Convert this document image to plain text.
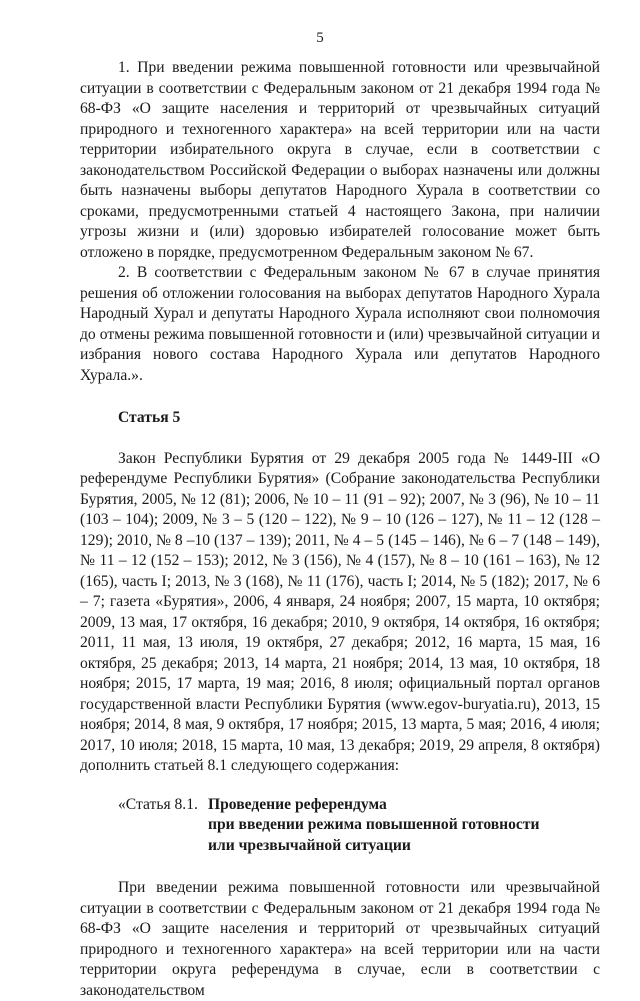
5

1. При введении режима повышенной готовности или чрезвычайной ситуации в соответствии с Федеральным законом от 21 декабря 1994 года № 68-ФЗ «О защите населения и территорий от чрезвычайных ситуаций природного и техногенного характера» на всей территории или на части территории избирательного округа в случае, если в соответствии с законодательством Российской Федерации о выборах назначены или должны быть назначены выборы депутатов Народного Хурала в соответствии со сроками, предусмотренными статьей 4 настоящего Закона, при наличии угрозы жизни и (или) здоровью избирателей голосование может быть отложено в порядке, предусмотренном Федеральным законом № 67.

2. В соответствии с Федеральным законом № 67 в случае принятия решения об отложении голосования на выборах депутатов Народного Хурала Народный Хурал и депутаты Народного Хурала исполняют свои полномочия до отмены режима повышенной готовности и (или) чрезвычайной ситуации и избрания нового состава Народного Хурала или депутатов Народного Хурала.».

Статья 5

Закон Республики Бурятия от 29 декабря 2005 года № 1449-III «О референдуме Республики Бурятия» (Собрание законодательства Республики Бурятия, 2005, № 12 (81); 2006, № 10 – 11 (91 – 92); 2007, № 3 (96), № 10 – 11 (103 – 104); 2009, № 3 – 5 (120 – 122), № 9 – 10 (126 – 127), № 11 – 12 (128 – 129); 2010, № 8 –10 (137 – 139); 2011, № 4 – 5 (145 – 146), № 6 – 7 (148 – 149), № 11 – 12 (152 – 153); 2012, № 3 (156), № 4 (157), № 8 – 10 (161 – 163), № 12 (165), часть I; 2013, № 3 (168), № 11 (176), часть I; 2014, № 5 (182); 2017, № 6 – 7; газета «Бурятия», 2006, 4 января, 24 ноября; 2007, 15 марта, 10 октября; 2009, 13 мая, 17 октября, 16 декабря; 2010, 9 октября, 14 октября, 16 октября; 2011, 11 мая, 13 июля, 19 октября, 27 декабря; 2012, 16 марта, 15 мая, 16 октября, 25 декабря; 2013, 14 марта, 21 ноября; 2014, 13 мая, 10 октября, 18 ноября; 2015, 17 марта, 19 мая; 2016, 8 июля; официальный портал органов государственной власти Республики Бурятия (www.egov-buryatia.ru), 2013, 15 ноября; 2014, 8 мая, 9 октября, 17 ноября; 2015, 13 марта, 5 мая; 2016, 4 июля; 2017, 10 июля; 2018, 15 марта, 10 мая, 13 декабря; 2019, 29 апреля, 8 октября) дополнить статьей 8.1 следующего содержания:

«Статья 8.1. Проведение референдума
при введении режима повышенной готовности
или чрезвычайной ситуации

При введении режима повышенной готовности или чрезвычайной ситуации в соответствии с Федеральным законом от 21 декабря 1994 года № 68-ФЗ «О защите населения и территорий от чрезвычайных ситуаций природного и техногенного характера» на всей территории или на части территории округа референдума в случае, если в соответствии с законодательством
